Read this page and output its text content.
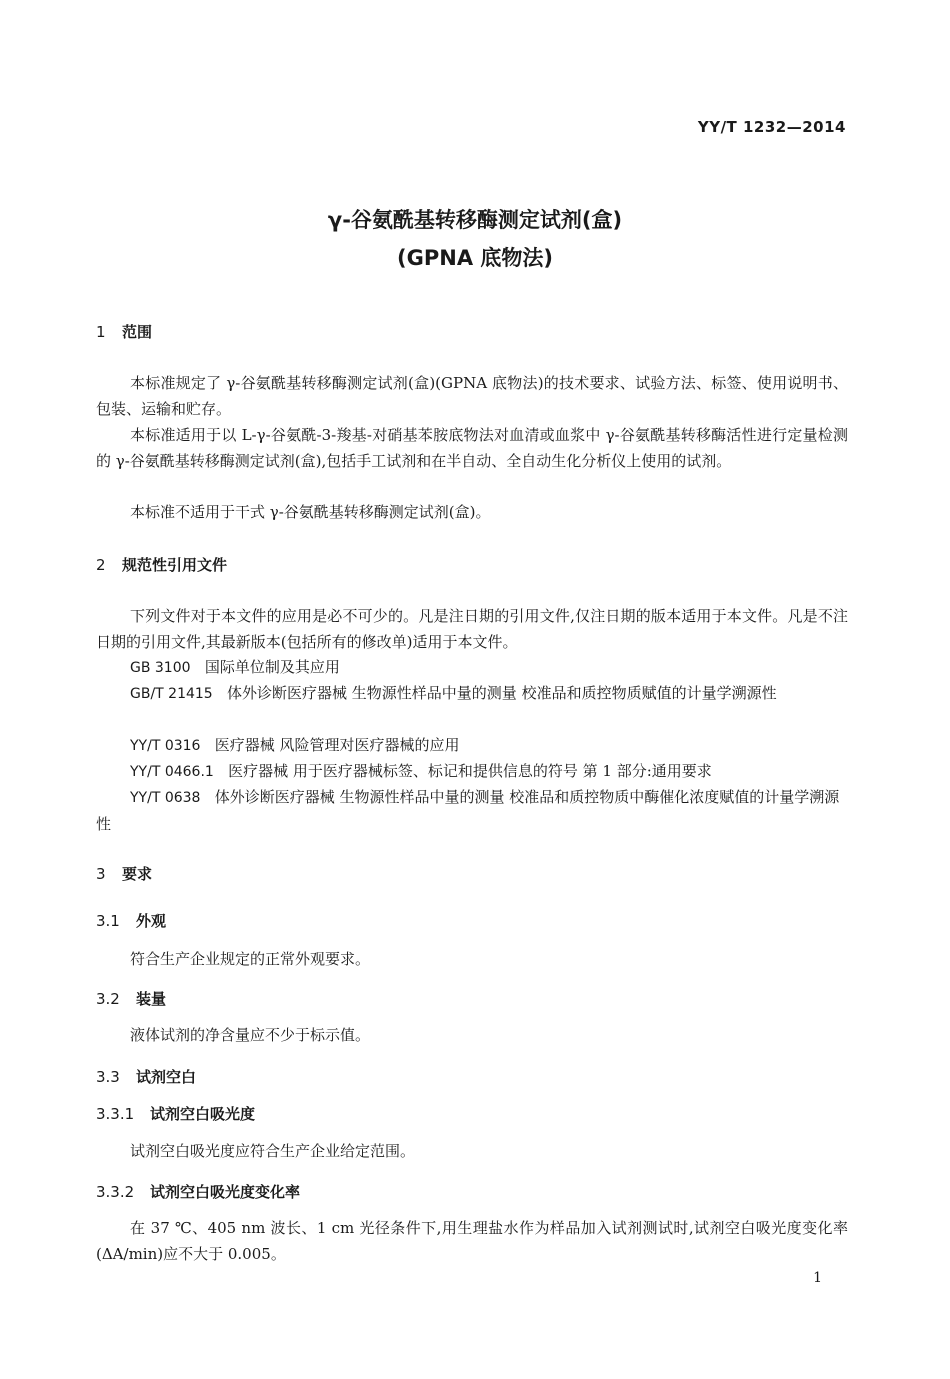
YY/T 1232—2014
γ-谷氨酰基转移酶测定试剂(盒)
(GPNA 底物法)
1 范围

本标准规定了 γ-谷氨酰基转移酶测定试剂(盒)(GPNA 底物法)的技术要求、试验方法、标签、使用说明书、包装、运输和贮存。

本标准适用于以 L-γ-谷氨酰-3-羧基-对硝基苯胺底物法对血清或血浆中 γ-谷氨酰基转移酶活性进行定量检测的 γ-谷氨酰基转移酶测定试剂(盒),包括手工试剂和在半自动、全自动生化分析仪上使用的试剂。

本标准不适用于干式 γ-谷氨酰基转移酶测定试剂(盒)。

2 规范性引用文件

下列文件对于本文件的应用是必不可少的。凡是注日期的引用文件,仅注日期的版本适用于本文件。凡是不注日期的引用文件,其最新版本(包括所有的修改单)适用于本文件。

GB 3100 国际单位制及其应用

GB/T 21415 体外诊断医疗器械 生物源性样品中量的测量 校准品和质控物质赋值的计量学溯源性

YY/T 0316 医疗器械 风险管理对医疗器械的应用

YY/T 0466.1 医疗器械 用于医疗器械标签、标记和提供信息的符号 第 1 部分:通用要求

YY/T 0638 体外诊断医疗器械 生物源性样品中量的测量 校准品和质控物质中酶催化浓度赋值的计量学溯源性

3 要求
3.1 外观

符合生产企业规定的正常外观要求。

3.2 装量

液体试剂的净含量应不少于标示值。

3.3 试剂空白
3.3.1 试剂空白吸光度

试剂空白吸光度应符合生产企业给定范围。

3.3.2 试剂空白吸光度变化率

在 37 ℃、405 nm 波长、1 cm 光径条件下,用生理盐水作为样品加入试剂测试时,试剂空白吸光度变化率(ΔA/min)应不大于 0.005。

1
